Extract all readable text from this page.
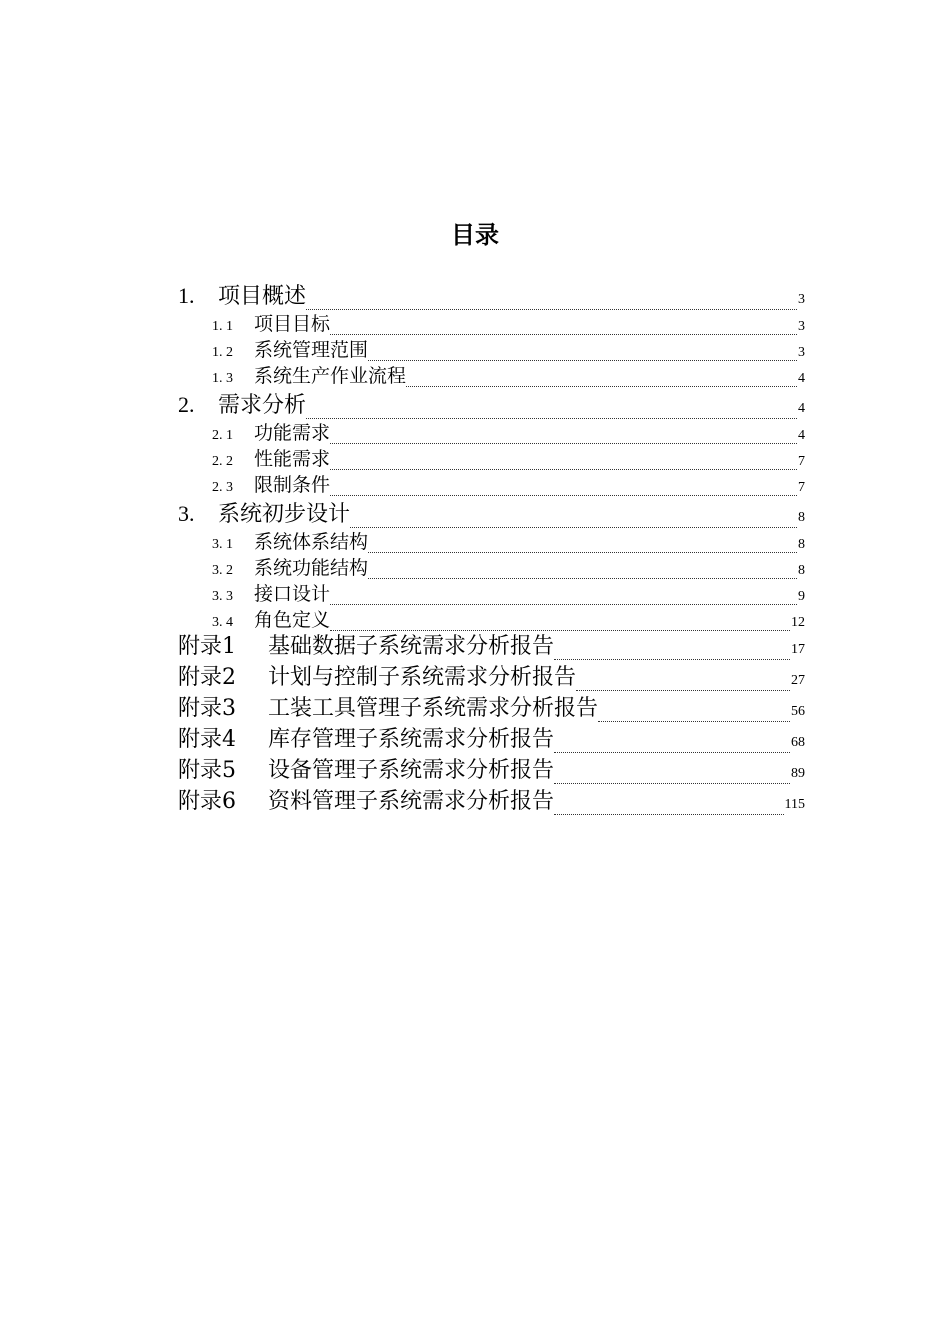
目录
1.	项目概述	3
1. 1	项目目标	3
1. 2	系统管理范围	3
1. 3	系统生产作业流程	4
2.	需求分析	4
2. 1	功能需求	4
2. 2	性能需求	7
2. 3	限制条件	7
3.	系统初步设计	8
3. 1	系统体系结构	8
3. 2	系统功能结构	8
3. 3	接口设计	9
3. 4	角色定义	12
附录1	基础数据子系统需求分析报告	17
附录2	计划与控制子系统需求分析报告	27
附录3	工装工具管理子系统需求分析报告	56
附录4	库存管理子系统需求分析报告	68
附录5	设备管理子系统需求分析报告	89
附录6	资料管理子系统需求分析报告	115
